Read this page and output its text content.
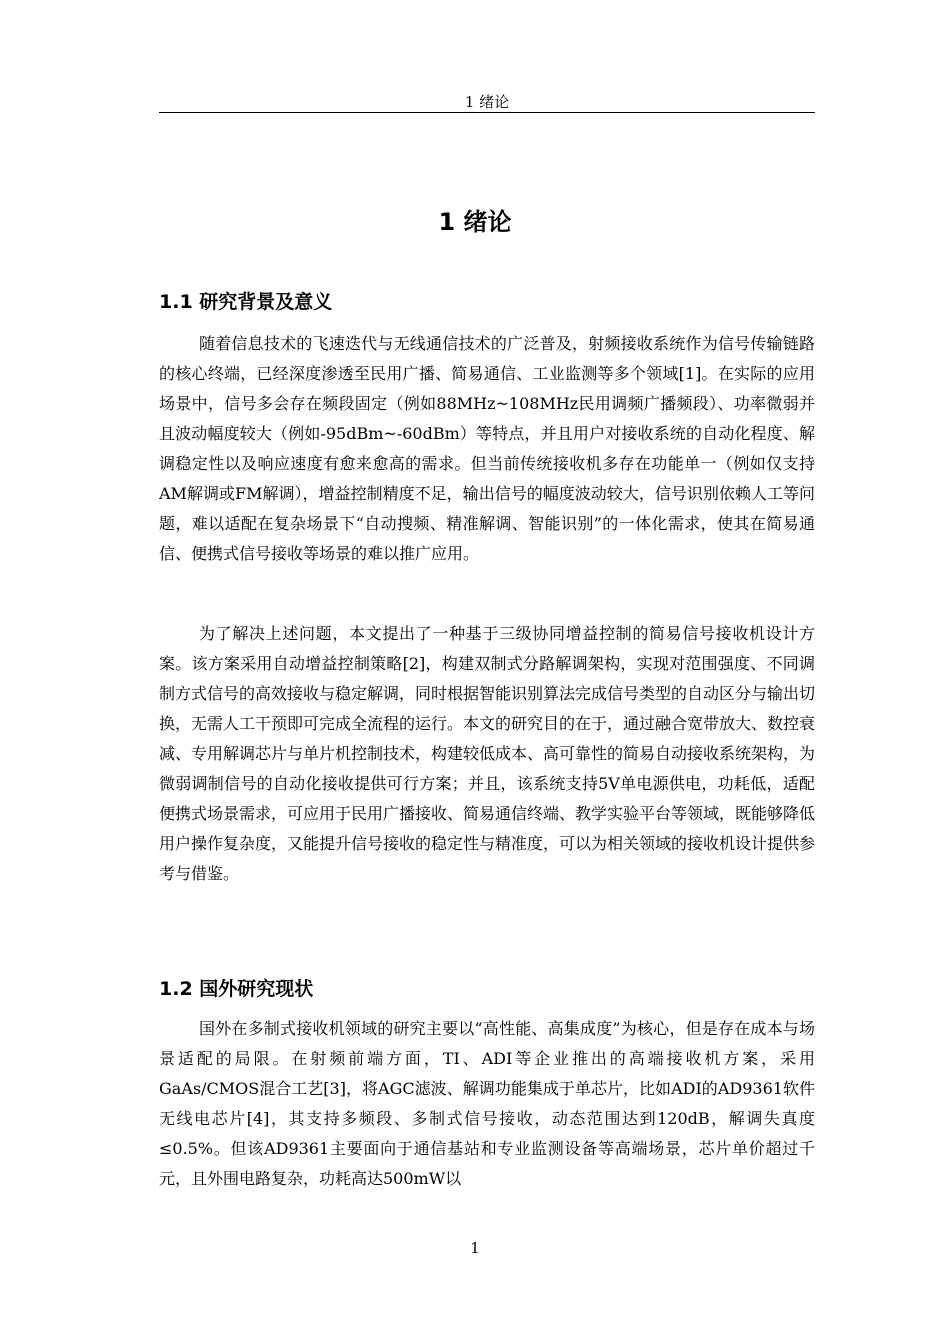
1 绪论
1 绪论
1.1 研究背景及意义

随着信息技术的飞速迭代与无线通信技术的广泛普及，射频接收系统作为信号传输链路的核心终端，已经深度渗透至民用广播、简易通信、工业监测等多个领域[1]。在实际的应用场景中，信号多会存在频段固定（例如88MHz~108MHz民用调频广播频段）、功率微弱并且波动幅度较大（例如-95dBm~-60dBm）等特点，并且用户对接收系统的自动化程度、解调稳定性以及响应速度有愈来愈高的需求。但当前传统接收机多存在功能单一（例如仅支持AM解调或FM解调），增益控制精度不足，输出信号的幅度波动较大，信号识别依赖人工等问题，难以适配在复杂场景下“自动搜频、精准解调、智能识别”的一体化需求，使其在简易通信、便携式信号接收等场景的难以推广应用。

为了解决上述问题，本文提出了一种基于三级协同增益控制的简易信号接收机设计方案。该方案采用自动增益控制策略[2]，构建双制式分路解调架构，实现对范围强度、不同调制方式信号的高效接收与稳定解调，同时根据智能识别算法完成信号类型的自动区分与输出切换，无需人工干预即可完成全流程的运行。本文的研究目的在于，通过融合宽带放大、数控衰减、专用解调芯片与单片机控制技术，构建较低成本、高可靠性的简易自动接收系统架构，为微弱调制信号的自动化接收提供可行方案；并且，该系统支持5V单电源供电，功耗低，适配便携式场景需求，可应用于民用广播接收、简易通信终端、教学实验平台等领域，既能够降低用户操作复杂度，又能提升信号接收的稳定性与精准度，可以为相关领域的接收机设计提供参考与借鉴。

1.2 国外研究现状

国外在多制式接收机领域的研究主要以“高性能、高集成度”为核心，但是存在成本与场景适配的局限。在射频前端方面，TI、ADI等企业推出的高端接收机方案，采用GaAs/CMOS混合工艺[3]，将AGC滤波、解调功能集成于单芯片，比如ADI的AD9361软件无线电芯片[4]，其支持多频段、多制式信号接收，动态范围达到120dB，解调失真度≤0.5%。但该AD9361主要面向于通信基站和专业监测设备等高端场景，芯片单价超过千元，且外围电路复杂，功耗高达500mW以

1
